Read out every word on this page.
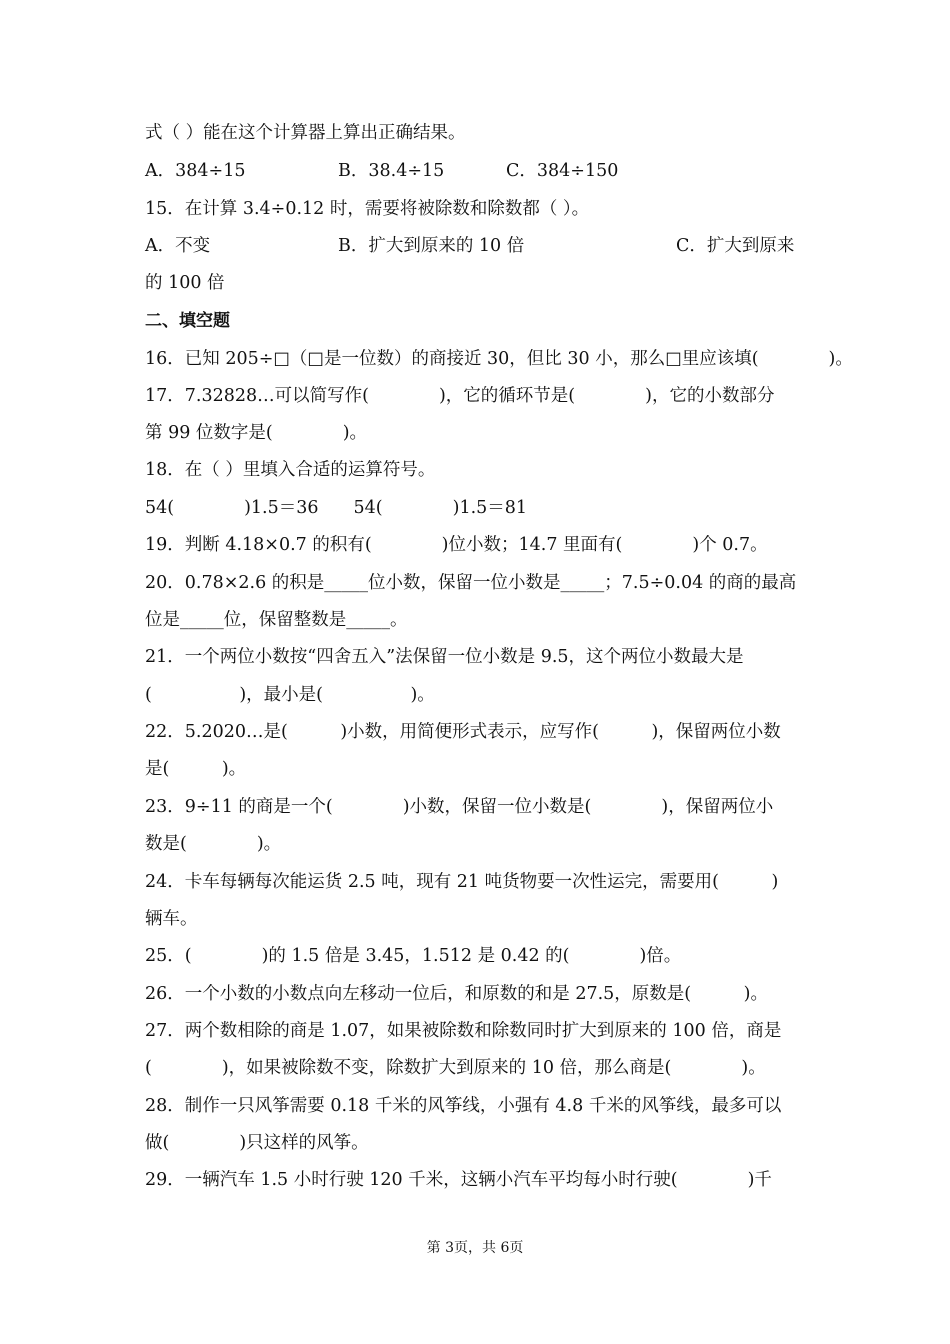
式（ ）能在这个计算器上算出正确结果。
A．384÷15	B．38.4÷15	C．384÷150
15．在计算 3.4÷0.12 时，需要将被除数和除数都（ ）。
A．不变	B．扩大到原来的 10 倍	C．扩大到原来
的 100 倍
二、填空题
16．已知 205÷□（□是一位数）的商接近 30，但比 30 小，那么□里应该填(　　　　)。
17．7.32828…可以简写作(　　　　)，它的循环节是(　　　　)，它的小数部分
第 99 位数字是(　　　　)。
18．在（ ）里填入合适的运算符号。
54(　　　　)1.5＝36　　54(　　　　)1.5＝81
19．判断 4.18×0.7 的积有(　　　　)位小数；14.7 里面有(　　　　)个 0.7。
20．0.78×2.6 的积是_____位小数，保留一位小数是_____；7.5÷0.04 的商的最高
位是_____位，保留整数是_____。
21．一个两位小数按“四舍五入”法保留一位小数是 9.5，这个两位小数最大是
(　　　　　)，最小是(　　　　　)。
22．5.2020…是(　　　)小数，用简便形式表示，应写作(　　　)，保留两位小数
是(　　　)。
23．9÷11 的商是一个(　　　　)小数，保留一位小数是(　　　　)，保留两位小
数是(　　　　)。
24．卡车每辆每次能运货 2.5 吨，现有 21 吨货物要一次性运完，需要用(　　　)
辆车。
25．(　　　　)的 1.5 倍是 3.45，1.512 是 0.42 的(　　　　)倍。
26．一个小数的小数点向左移动一位后，和原数的和是 27.5，原数是(　　　)。
27．两个数相除的商是 1.07，如果被除数和除数同时扩大到原来的 100 倍，商是
(　　　　)，如果被除数不变，除数扩大到原来的 10 倍，那么商是(　　　　)。
28．制作一只风筝需要 0.18 千米的风筝线，小强有 4.8 千米的风筝线，最多可以
做(　　　　)只这样的风筝。
29．一辆汽车 1.5 小时行驶 120 千米，这辆小汽车平均每小时行驶(　　　　)千
第 3页，共 6页
